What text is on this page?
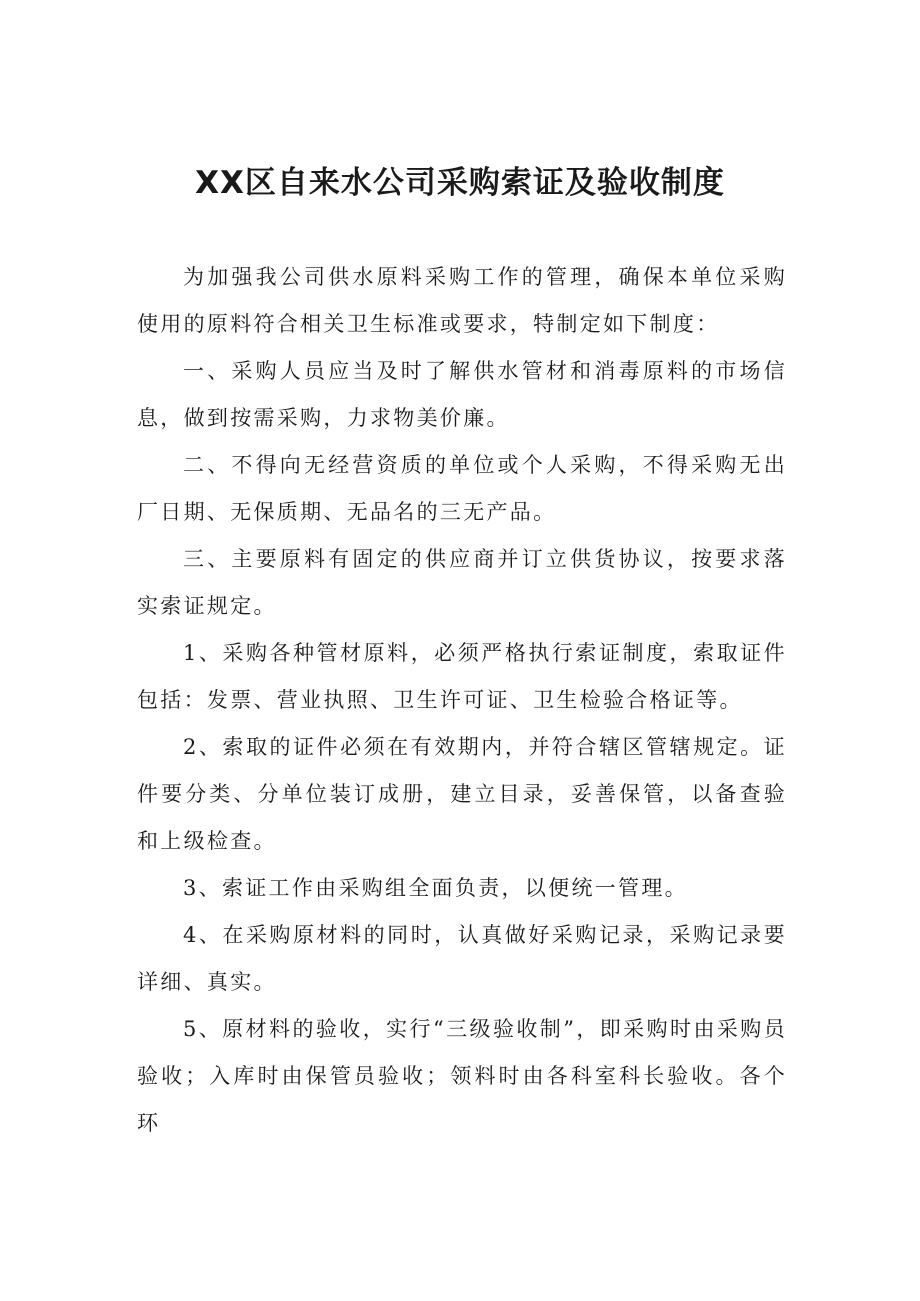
XX区自来水公司采购索证及验收制度

为加强我公司供水原料采购工作的管理，确保本单位采购使用的原料符合相关卫生标准或要求，特制定如下制度：

一、采购人员应当及时了解供水管材和消毒原料的市场信息，做到按需采购，力求物美价廉。

二、不得向无经营资质的单位或个人采购，不得采购无出厂日期、无保质期、无品名的三无产品。

三、主要原料有固定的供应商并订立供货协议，按要求落实索证规定。

1、采购各种管材原料，必须严格执行索证制度，索取证件包括：发票、营业执照、卫生许可证、卫生检验合格证等。

2、索取的证件必须在有效期内，并符合辖区管辖规定。证件要分类、分单位装订成册，建立目录，妥善保管，以备查验和上级检查。

3、索证工作由采购组全面负责，以便统一管理。

4、在采购原材料的同时，认真做好采购记录，采购记录要详细、真实。

5、原材料的验收，实行“三级验收制”，即采购时由采购员验收；入库时由保管员验收；领料时由各科室科长验收。各个环
